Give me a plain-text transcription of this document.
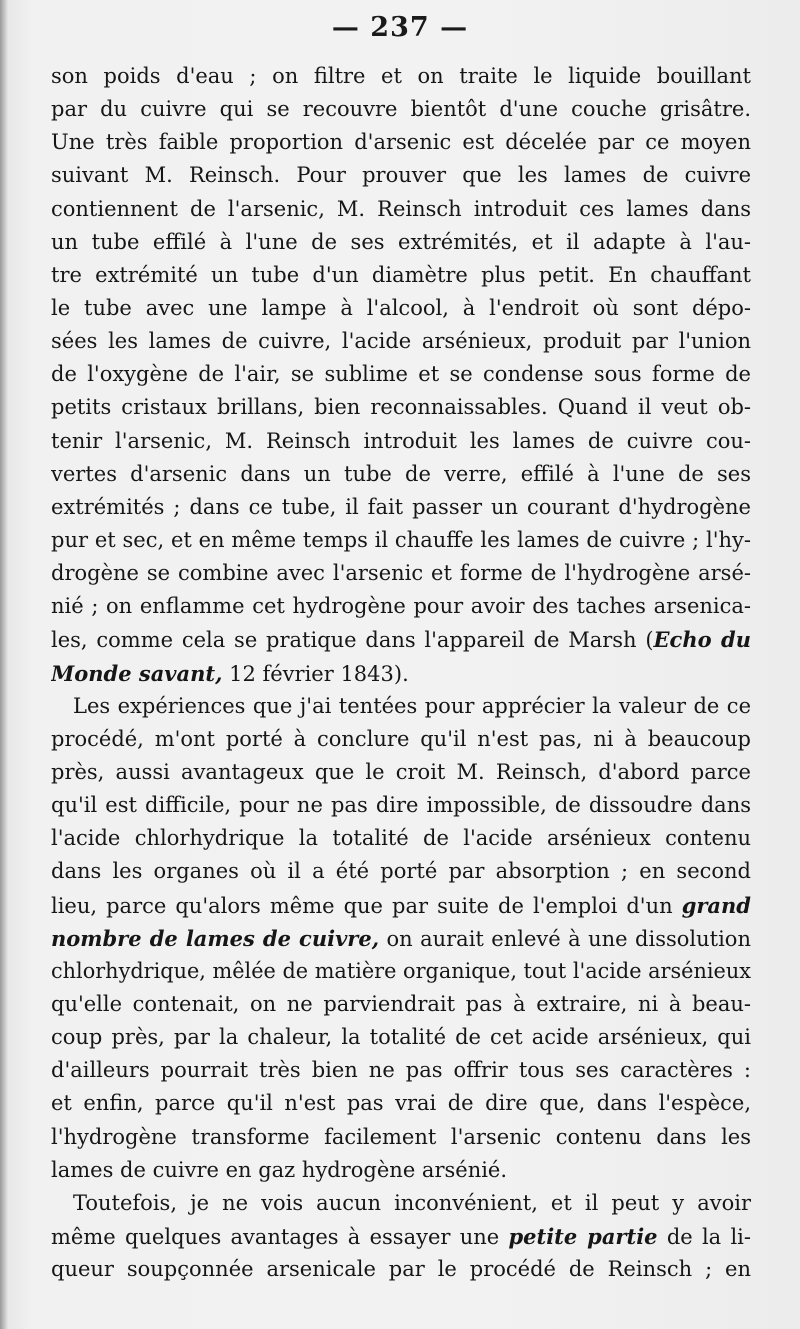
— 237 —
son poids d'eau ; on filtre et on traite le liquide bouillant
par du cuivre qui se recouvre bientôt d'une couche grisâtre.
Une très faible proportion d'arsenic est décelée par ce moyen
suivant M. Reinsch. Pour prouver que les lames de cuivre
contiennent de l'arsenic, M. Reinsch introduit ces lames dans
un tube effilé à l'une de ses extrémités, et il adapte à l'au-
tre extrémité un tube d'un diamètre plus petit. En chauffant
le tube avec une lampe à l'alcool, à l'endroit où sont dépo-
sées les lames de cuivre, l'acide arsénieux, produit par l'union
de l'oxygène de l'air, se sublime et se condense sous forme de
petits cristaux brillans, bien reconnaissables. Quand il veut ob-
tenir l'arsenic, M. Reinsch introduit les lames de cuivre cou-
vertes d'arsenic dans un tube de verre, effilé à l'une de ses
extrémités ; dans ce tube, il fait passer un courant d'hydrogène
pur et sec, et en même temps il chauffe les lames de cuivre ; l'hy-
drogène se combine avec l'arsenic et forme de l'hydrogène arsé-
nié ; on enflamme cet hydrogène pour avoir des taches arsenica-
les, comme cela se pratique dans l'appareil de Marsh (Echo du
Monde savant, 12 février 1843).
Les expériences que j'ai tentées pour apprécier la valeur de ce
procédé, m'ont porté à conclure qu'il n'est pas, ni à beaucoup
près, aussi avantageux que le croit M. Reinsch, d'abord parce
qu'il est difficile, pour ne pas dire impossible, de dissoudre dans
l'acide chlorhydrique la totalité de l'acide arsénieux contenu
dans les organes où il a été porté par absorption ; en second
lieu, parce qu'alors même que par suite de l'emploi d'un grand
nombre de lames de cuivre, on aurait enlevé à une dissolution
chlorhydrique, mêlée de matière organique, tout l'acide arsénieux
qu'elle contenait, on ne parviendrait pas à extraire, ni à beau-
coup près, par la chaleur, la totalité de cet acide arsénieux, qui
d'ailleurs pourrait très bien ne pas offrir tous ses caractères :
et enfin, parce qu'il n'est pas vrai de dire que, dans l'espèce,
l'hydrogène transforme facilement l'arsenic contenu dans les
lames de cuivre en gaz hydrogène arsénié.
Toutefois, je ne vois aucun inconvénient, et il peut y avoir
même quelques avantages à essayer une petite partie de la li-
queur soupçonnée arsenicale par le procédé de Reinsch ; en
